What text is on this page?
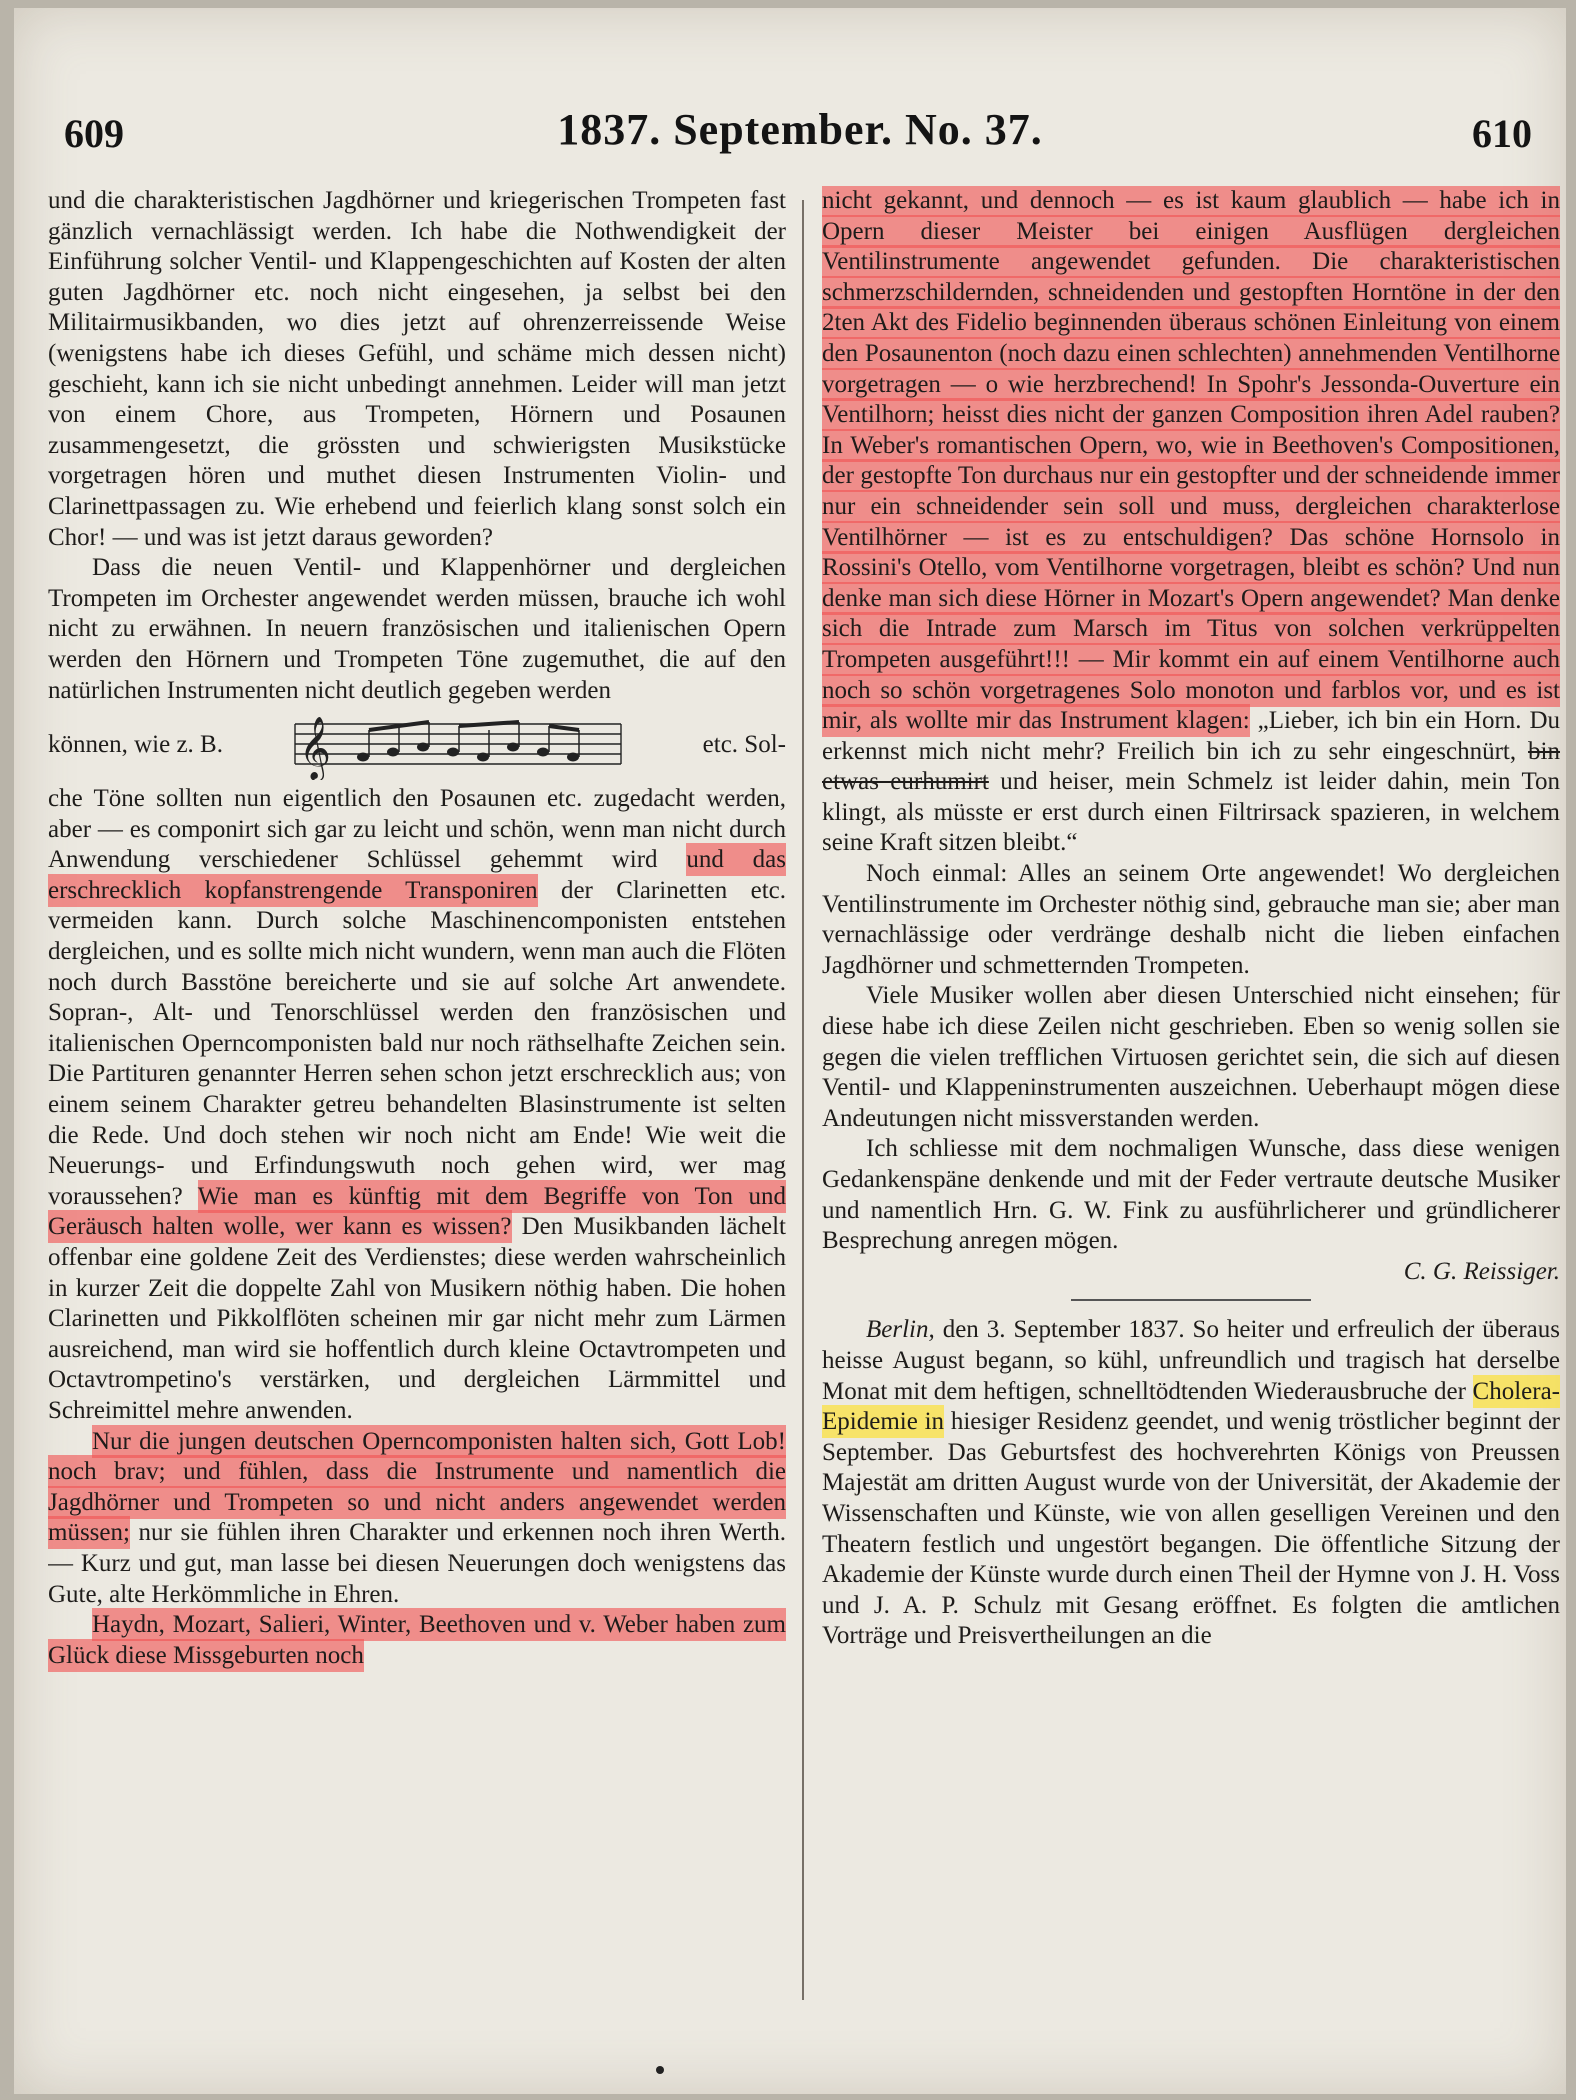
609	1837. September. No. 37.	610

und die charakteristischen Jagdhörner und kriegerischen Trompeten fast gänzlich vernachlässigt werden. Ich habe die Nothwendigkeit der Einführung solcher Ventil- und Klappengeschichten auf Kosten der alten guten Jagdhörner etc. noch nicht eingesehen, ja selbst bei den Militairmusikbanden, wo dies jetzt auf ohrenzerreissende Weise (wenigstens habe ich dieses Gefühl, und schäme mich dessen nicht) geschieht, kann ich sie nicht unbedingt annehmen. Leider will man jetzt von einem Chore, aus Trompeten, Hörnern und Posaunen zusammengesetzt, die grössten und schwierigsten Musikstücke vorgetragen hören und muthet diesen Instrumenten Violin- und Clarinettpassagen zu. Wie erhebend und feierlich klang sonst solch ein Chor! — und was ist jetzt daraus geworden?

Dass die neuen Ventil- und Klappenhörner und dergleichen Trompeten im Orchester angewendet werden müssen, brauche ich wohl nicht zu erwähnen. In neuern französischen und italienischen Opern werden den Hörnern und Trompeten Töne zugemuthet, die auf den natürlichen Instrumenten nicht deutlich gegeben werden

können, wie z. B.	𝄞	etc. Sol-

che Töne sollten nun eigentlich den Posaunen etc. zugedacht werden, aber — es componirt sich gar zu leicht und schön, wenn man nicht durch Anwendung verschiedener Schlüssel gehemmt wird und das erschrecklich kopfanstrengende Transponiren der Clarinetten etc. vermeiden kann. Durch solche Maschinencomponisten entstehen dergleichen, und es sollte mich nicht wundern, wenn man auch die Flöten noch durch Basstöne bereicherte und sie auf solche Art anwendete. Sopran-, Alt- und Tenorschlüssel werden den französischen und italienischen Operncomponisten bald nur noch räthselhafte Zeichen sein. Die Partituren genannter Herren sehen schon jetzt erschrecklich aus; von einem seinem Charakter getreu behandelten Blasinstrumente ist selten die Rede. Und doch stehen wir noch nicht am Ende! Wie weit die Neuerungs- und Erfindungswuth noch gehen wird, wer mag voraussehen? Wie man es künftig mit dem Begriffe von Ton und Geräusch halten wolle, wer kann es wissen? Den Musikbanden lächelt offenbar eine goldene Zeit des Verdienstes; diese werden wahrscheinlich in kurzer Zeit die doppelte Zahl von Musikern nöthig haben. Die hohen Clarinetten und Pikkolflöten scheinen mir gar nicht mehr zum Lärmen ausreichend, man wird sie hoffentlich durch kleine Octavtrompeten und Octavtrompetino's verstärken, und dergleichen Lärmmittel und Schreimittel mehre anwenden.

Nur die jungen deutschen Operncomponisten halten sich, Gott Lob! noch brav; und fühlen, dass die Instrumente und namentlich die Jagdhörner und Trompeten so und nicht anders angewendet werden müssen; nur sie fühlen ihren Charakter und erkennen noch ihren Werth. — Kurz und gut, man lasse bei diesen Neuerungen doch wenigstens das Gute, alte Herkömmliche in Ehren.

Haydn, Mozart, Salieri, Winter, Beethoven und v. Weber haben zum Glück diese Missgeburten noch

nicht gekannt, und dennoch — es ist kaum glaublich — habe ich in Opern dieser Meister bei einigen Ausflügen dergleichen Ventilinstrumente angewendet gefunden. Die charakteristischen schmerzschildernden, schneidenden und gestopften Horntöne in der den 2ten Akt des Fidelio beginnenden überaus schönen Einleitung von einem den Posaunenton (noch dazu einen schlechten) annehmenden Ventilhorne vorgetragen — o wie herzbrechend! In Spohr's Jessonda-Ouverture ein Ventilhorn; heisst dies nicht der ganzen Composition ihren Adel rauben? In Weber's romantischen Opern, wo, wie in Beethoven's Compositionen, der gestopfte Ton durchaus nur ein gestopfter und der schneidende immer nur ein schneidender sein soll und muss, dergleichen charakterlose Ventilhörner — ist es zu entschuldigen? Das schöne Hornsolo in Rossini's Otello, vom Ventilhorne vorgetragen, bleibt es schön? Und nun denke man sich diese Hörner in Mozart's Opern angewendet? Man denke sich die Intrade zum Marsch im Titus von solchen verkrüppelten Trompeten ausgeführt!!! — Mir kommt ein auf einem Ventilhorne auch noch so schön vorgetragenes Solo monoton und farblos vor, und es ist mir, als wollte mir das Instrument klagen: „Lieber, ich bin ein Horn. Du erkennst mich nicht mehr? Freilich bin ich zu sehr eingeschnürt, bin etwas eurhumirt und heiser, mein Schmelz ist leider dahin, mein Ton klingt, als müsste er erst durch einen Filtrirsack spazieren, in welchem seine Kraft sitzen bleibt.“

Noch einmal: Alles an seinem Orte angewendet! Wo dergleichen Ventilinstrumente im Orchester nöthig sind, gebrauche man sie; aber man vernachlässige oder verdränge deshalb nicht die lieben einfachen Jagdhörner und schmetternden Trompeten.

Viele Musiker wollen aber diesen Unterschied nicht einsehen; für diese habe ich diese Zeilen nicht geschrieben. Eben so wenig sollen sie gegen die vielen trefflichen Virtuosen gerichtet sein, die sich auf diesen Ventil- und Klappeninstrumenten auszeichnen. Ueberhaupt mögen diese Andeutungen nicht missverstanden werden.

Ich schliesse mit dem nochmaligen Wunsche, dass diese wenigen Gedankenspäne denkende und mit der Feder vertraute deutsche Musiker und namentlich Hrn. G. W. Fink zu ausführlicherer und gründlicherer Besprechung anregen mögen.

C. G. Reissiger.

Berlin, den 3. September 1837. So heiter und erfreulich der überaus heisse August begann, so kühl, unfreundlich und tragisch hat derselbe Monat mit dem heftigen, schnelltödtenden Wiederausbruche der Cholera-Epidemie in hiesiger Residenz geendet, und wenig tröstlicher beginnt der September. Das Geburtsfest des hochverehrten Königs von Preussen Majestät am dritten August wurde von der Universität, der Akademie der Wissenschaften und Künste, wie von allen geselligen Vereinen und den Theatern festlich und ungestört begangen. Die öffentliche Sitzung der Akademie der Künste wurde durch einen Theil der Hymne von J. H. Voss und J. A. P. Schulz mit Gesang eröffnet. Es folgten die amtlichen Vorträge und Preisvertheilungen an die
